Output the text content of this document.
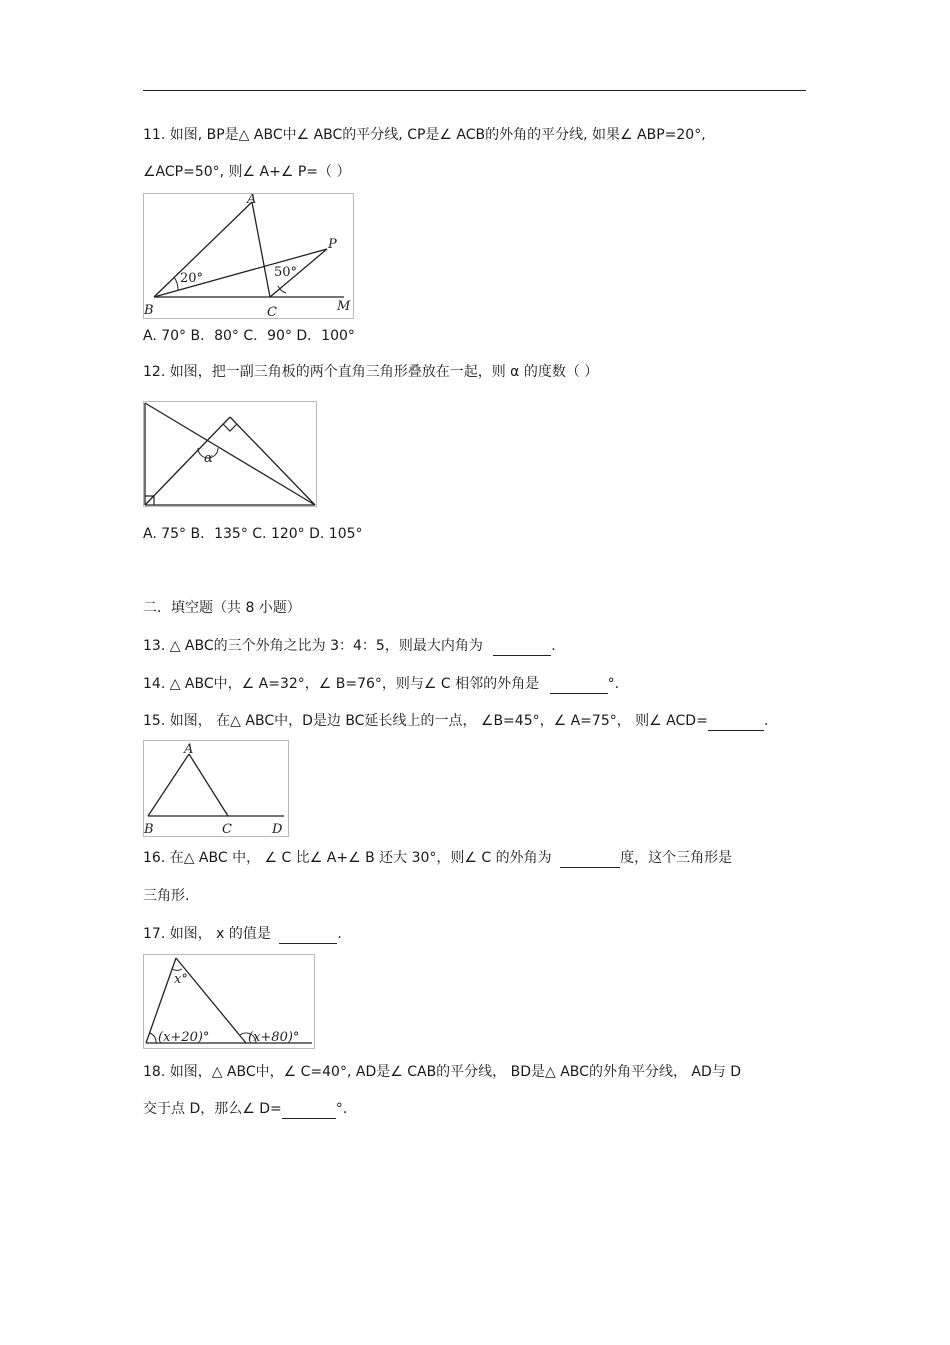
11. 如图, BP是△ ABC中∠ ABC的平分线, CP是∠ ACB的外角的平分线, 如果∠ ABP=20°,
∠ACP=50°, 则∠ A+∠ P=（ ）
A
B	C
P
M
20°	50°
A. 70° B．80° C．90° D．100°
12. 如图，把一副三角板的两个直角三角形叠放在一起，则 α 的度数（ ）
α
A. 75° B．135° C. 120° D. 105°
二．填空题（共 8 小题）
13. △ ABC的三个外角之比为 3：4：5，则最大内角为	.
14. △ ABC中，∠ A=32°，∠ B=76°，则与∠ C 相邻的外角是	°.
15. 如图， 在△ ABC中，D是边 BC延长线上的一点， ∠B=45°，∠ A=75°， 则∠ ACD=	.
A
B	C	D
16. 在△ ABC 中， ∠ C 比∠ A+∠ B 还大 30°，则∠ C 的外角为	度，这个三角形是
三角形.
17. 如图， x 的值是	.
x°
(x+20)°	(x+80)°
18. 如图，△ ABC中，∠ C=40°, AD是∠ CAB的平分线， BD是△ ABC的外角平分线， AD与 D
交于点 D，那么∠ D=	°.
